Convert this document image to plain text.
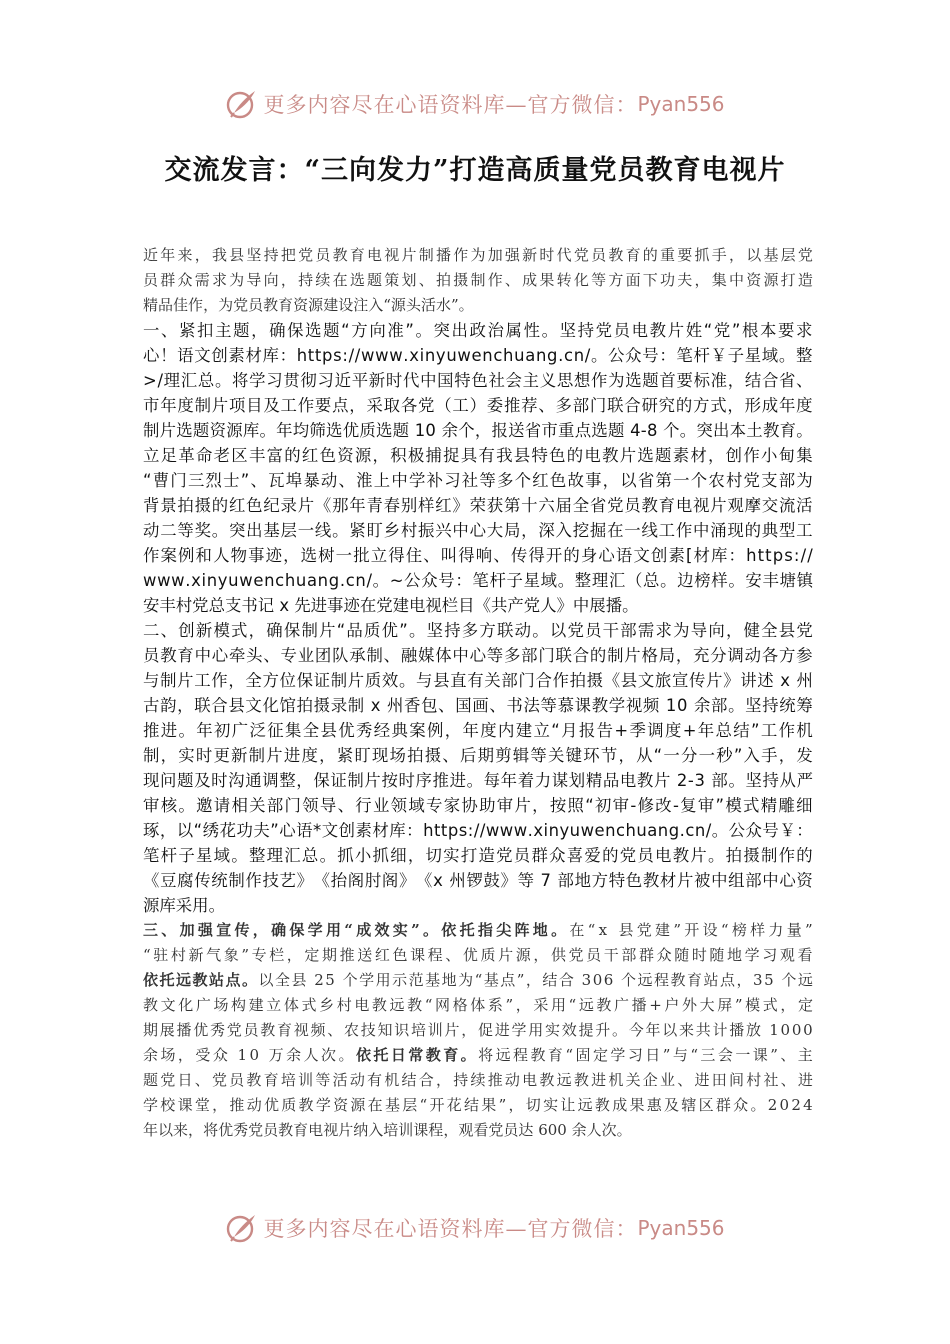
更多内容尽在心语资料库—官方微信： Pyan556
交流发言：“三向发力”打造高质量党员教育电视片
近 年 来 ， 我 县 坚 持 把 党 员 教 育 电 视 片 制 播 作 为 加 强 新 时 代 党 员 教 育 的 重 要 抓 手 ， 以 基 层 党
员 群 众 需 求 为 导 向 ， 持 续 在 选 题 策 划 、 拍 摄 制 作 、 成 果 转 化 等 方 面 下 功 夫 ， 集 中 资 源 打 造
精 品 佳 作 ， 为 党 员 教 育 资 源 建 设 注 入 “ 源 头 活 水 ” 。
一 、 紧 扣 主 题 ， 确 保 选 题 “ 方 向 准 ” 。 突 出 政 治 属 性 。 坚 持 党 员 电 教 片 姓 “ 党 ” 根 本 要 求
心 ！ 语 文 创 素 材 库 ： h t t p s : / / w w w . x i n y u w e n c h u a n g . c n / 。 公 众 号 ： 笔 杆 ￥ 子 星 域 。 整
> / 理 汇 总 。 将 学 习 贯 彻 习 近 平 新 时 代 中 国 特 色 社 会 主 义 思 想 作 为 选 题 首 要 标 准 ， 结 合 省 、
市 年 度 制 片 项 目 及 工 作 要 点 ， 采 取 各 党 （ 工 ） 委 推 荐 、 多 部 门 联 合 研 究 的 方 式 ， 形 成 年 度
制 片 选 题 资 源 库 。 年 均 筛 选 优 质 选 题
1 0
余 个 ， 报 送 省 市 重 点 选 题
4 - 8
个 。 突 出 本 土 教 育 。
立 足 革 命 老 区 丰 富 的 红 色 资 源 ， 积 极 捕 捉 具 有 我 县 特 色 的 电 教 片 选 题 素 材 ， 创 作 小 甸 集
“ 曹 门 三 烈 士 ” 、 瓦 埠 暴 动 、 淮 上 中 学 补 习 社 等 多 个 红 色 故 事 ， 以 省 第 一 个 农 村 党 支 部 为
背 景 拍 摄 的 红 色 纪 录 片 《 那 年 青 春 别 样 红 》 荣 获 第 十 六 届 全 省 党 员 教 育 电 视 片 观 摩 交 流 活
动 二 等 奖 。 突 出 基 层 一 线 。 紧 盯 乡 村 振 兴 中 心 大 局 ， 深 入 挖 掘 在 一 线 工 作 中 涌 现 的 典 型 工
作 案 例 和 人 物 事 迹 ， 选 树 一 批 立 得 住 、 叫 得 响 、 传 得 开 的 身 心 语 文 创 素 [ 材 库 ： h t t p s : / /
w w w . x i n y u w e n c h u a n g . c n / 。 ~ 公 众 号 ： 笔 杆 子 星 域 。 整 理 汇 （ 总 。 边 榜 样 。 安 丰 塘 镇
安 丰 村 党 总 支 书 记
x
先 进 事 迹 在 党 建 电 视 栏 目 《 共 产 党 人 》 中 展 播 。
二 、 创 新 模 式 ， 确 保 制 片 “ 品 质 优 ” 。 坚 持 多 方 联 动 。 以 党 员 干 部 需 求 为 导 向 ， 健 全 县 党
员 教 育 中 心 牵 头 、 专 业 团 队 承 制 、 融 媒 体 中 心 等 多 部 门 联 合 的 制 片 格 局 ， 充 分 调 动 各 方 参
与 制 片 工 作 ， 全 方 位 保 证 制 片 质 效 。 与 县 直 有 关 部 门 合 作 拍 摄 《 县 文 旅 宣 传 片 》 讲 述
x
州
古 韵 ， 联 合 县 文 化 馆 拍 摄 录 制
x
州 香 包 、 国 画 、 书 法 等 慕 课 教 学 视 频
1 0
余 部 。 坚 持 统 筹
推 进 。 年 初 广 泛 征 集 全 县 优 秀 经 典 案 例 ， 年 度 内 建 立 “ 月 报 告 + 季 调 度 + 年 总 结 ” 工 作 机
制 ， 实 时 更 新 制 片 进 度 ， 紧 盯 现 场 拍 摄 、 后 期 剪 辑 等 关 键 环 节 ， 从 “ 一 分 一 秒 ” 入 手 ， 发
现 问 题 及 时 沟 通 调 整 ， 保 证 制 片 按 时 序 推 进 。 每 年 着 力 谋 划 精 品 电 教 片
2 - 3
部 。 坚 持 从 严
审 核 。 邀 请 相 关 部 门 领 导 、 行 业 领 域 专 家 协 助 审 片 ， 按 照 “ 初 审 - 修 改 - 复 审 ” 模 式 精 雕 细
琢 ， 以 “ 绣 花 功 夫 ” 心 语 * 文 创 素 材 库 ： h t t p s : / / w w w . x i n y u w e n c h u a n g . c n / 。 公 众 号 ￥ ：
笔 杆 子 星 域 。 整 理 汇 总 。 抓 小 抓 细 ， 切 实 打 造 党 员 群 众 喜 爱 的 党 员 电 教 片 。 拍 摄 制 作 的
《 豆 腐 传 统 制 作 技 艺 》 《 抬 阁 肘 阁 》 《 x
州 锣 鼓 》 等
7
部 地 方 特 色 教 材 片 被 中 组 部 中 心 资
源 库 采 用 。
三 、 加 强 宣 传 ， 确 保 学 用 “ 成 效 实 ” 。 依 托 指 尖 阵 地 。 在 “ x
县 党 建 ” 开 设 “ 榜 样 力 量 ”
“ 驻 村 新 气 象 ” 专 栏 ， 定 期 推 送 红 色 课 程 、 优 质 片 源 ， 供 党 员 干 部 群 众 随 时 随 地 学 习 观 看
依 托 远 教 站 点 。 以 全 县
2 5
个 学 用 示 范 基 地 为 “ 基 点 ” ， 结 合
3 0 6
个 远 程 教 育 站 点 ， 3 5
个 远
教 文 化 广 场 构 建 立 体 式 乡 村 电 教 远 教 “ 网 格 体 系 ” ， 采 用 “ 远 教 广 播 + 户 外 大 屏 ” 模 式 ， 定
期 展 播 优 秀 党 员 教 育 视 频 、 农 技 知 识 培 训 片 ， 促 进 学 用 实 效 提 升 。 今 年 以 来 共 计 播 放
1 0 0 0
余 场 ， 受 众
1 0
万 余 人 次 。 依 托 日 常 教 育 。 将 远 程 教 育 “ 固 定 学 习 日 ” 与 “ 三 会 一 课 ” 、 主
题 党 日 、 党 员 教 育 培 训 等 活 动 有 机 结 合 ， 持 续 推 动 电 教 远 教 进 机 关 企 业 、 进 田 间 村 社 、 进
学 校 课 堂 ， 推 动 优 质 教 学 资 源 在 基 层 “ 开 花 结 果 ” ， 切 实 让 远 教 成 果 惠 及 辖 区 群 众 。 2 0 2 4
年 以 来 ， 将 优 秀 党 员 教 育 电 视 片 纳 入 培 训 课 程 ， 观 看 党 员 达
6 0 0
余 人 次 。
更多内容尽在心语资料库—官方微信： Pyan556
